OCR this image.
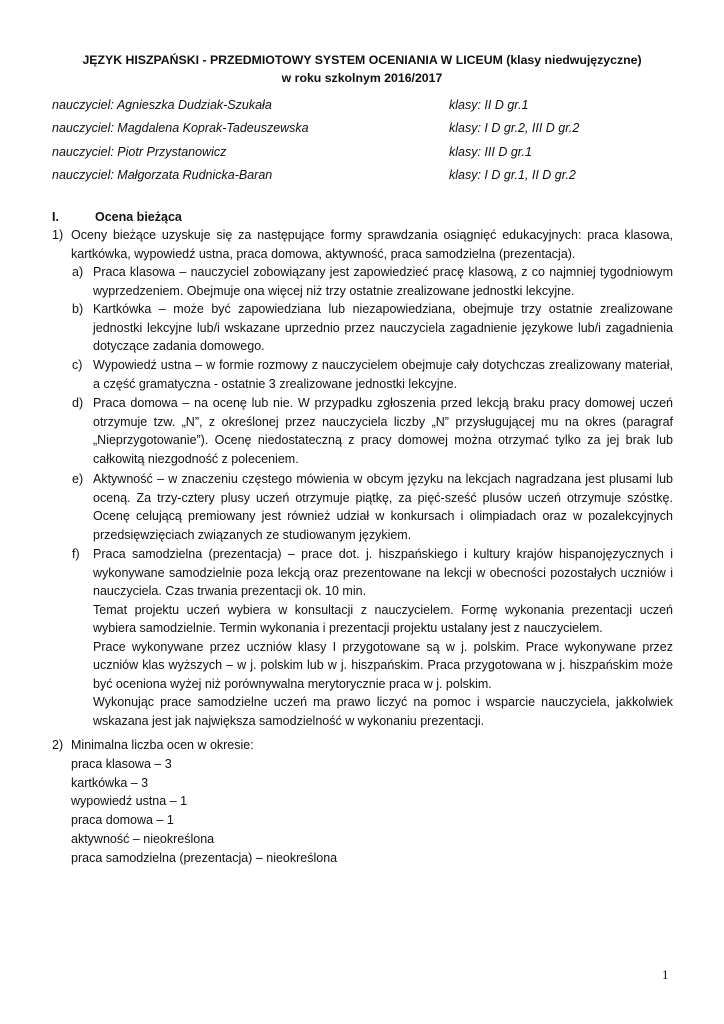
JĘZYK HISZPAŃSKI - PRZEDMIOTOWY SYSTEM OCENIANIA W LICEUM (klasy niedwujęzyczne)
w roku szkolnym 2016/2017
nauczyciel: Agnieszka Dudziak-Szukała	klasy: II D gr.1
nauczyciel: Magdalena Koprak-Tadeuszewska	klasy: I D gr.2, III D gr.2
nauczyciel: Piotr Przystanowicz	klasy: III D gr.1
nauczyciel: Małgorzata Rudnicka-Baran	klasy: I D gr.1, II D gr.2
I.	Ocena bieżąca
1) Oceny bieżące uzyskuje się za następujące formy sprawdzania osiągnięć edukacyjnych: praca klasowa, kartkówka, wypowiedź ustna, praca domowa, aktywność, praca samodzielna (prezentacja).
a) Praca klasowa – nauczyciel zobowiązany jest zapowiedzieć pracę klasową, z co najmniej tygodniowym wyprzedzeniem. Obejmuje ona więcej niż trzy ostatnie zrealizowane jednostki lekcyjne.

b) Kartkówka – może być zapowiedziana lub niezapowiedziana, obejmuje trzy ostatnie zrealizowane jednostki lekcyjne lub/i wskazane uprzednio przez nauczyciela zagadnienie językowe lub/i zagadnienia dotyczące zadania domowego.

c) Wypowiedź ustna – w formie rozmowy z nauczycielem obejmuje cały dotychczas zrealizowany materiał, a część gramatyczna - ostatnie 3 zrealizowane jednostki lekcyjne.

d) Praca domowa – na ocenę lub nie. W przypadku zgłoszenia przed lekcją braku pracy domowej uczeń otrzymuje tzw. „N”, z określonej przez nauczyciela liczby „N” przysługującej mu na okres (paragraf „Nieprzygotowanie”). Ocenę niedostateczną z pracy domowej można otrzymać tylko za jej brak lub całkowitą niezgodność z poleceniem.

e) Aktywność – w znaczeniu częstego mówienia w obcym języku na lekcjach nagradzana jest plusami lub oceną. Za trzy-cztery plusy uczeń otrzymuje piątkę, za pięć-sześć plusów uczeń otrzymuje szóstkę. Ocenę celującą premiowany jest również udział w konkursach i olimpiadach oraz w pozalekcyjnych przedsięwzięciach związanych ze studiowanym językiem.

f) Praca samodzielna (prezentacja) – prace dot. j. hiszpańskiego i kultury krajów hispanojęzycznych i wykonywane samodzielnie poza lekcją oraz prezentowane na lekcji w obecności pozostałych uczniów i nauczyciela. Czas trwania prezentacji ok. 10 min.

Temat projektu uczeń wybiera w konsultacji z nauczycielem. Formę wykonania prezentacji uczeń wybiera samodzielnie. Termin wykonania i prezentacji projektu ustalany jest z nauczycielem.

Prace wykonywane przez uczniów klasy I przygotowane są w j. polskim. Prace wykonywane przez uczniów klas wyższych – w j. polskim lub w j. hiszpańskim. Praca przygotowana w j. hiszpańskim może być oceniona wyżej niż porównywalna merytorycznie praca w j. polskim.

Wykonując prace samodzielne uczeń ma prawo liczyć na pomoc i wsparcie nauczyciela, jakkolwiek wskazana jest jak największa samodzielność w wykonaniu prezentacji.

2) Minimalna liczba ocen w okresie:
praca klasowa – 3
kartkówka – 3
wypowiedź ustna – 1
praca domowa – 1
aktywność – nieokreślona
praca samodzielna (prezentacja) – nieokreślona
1
